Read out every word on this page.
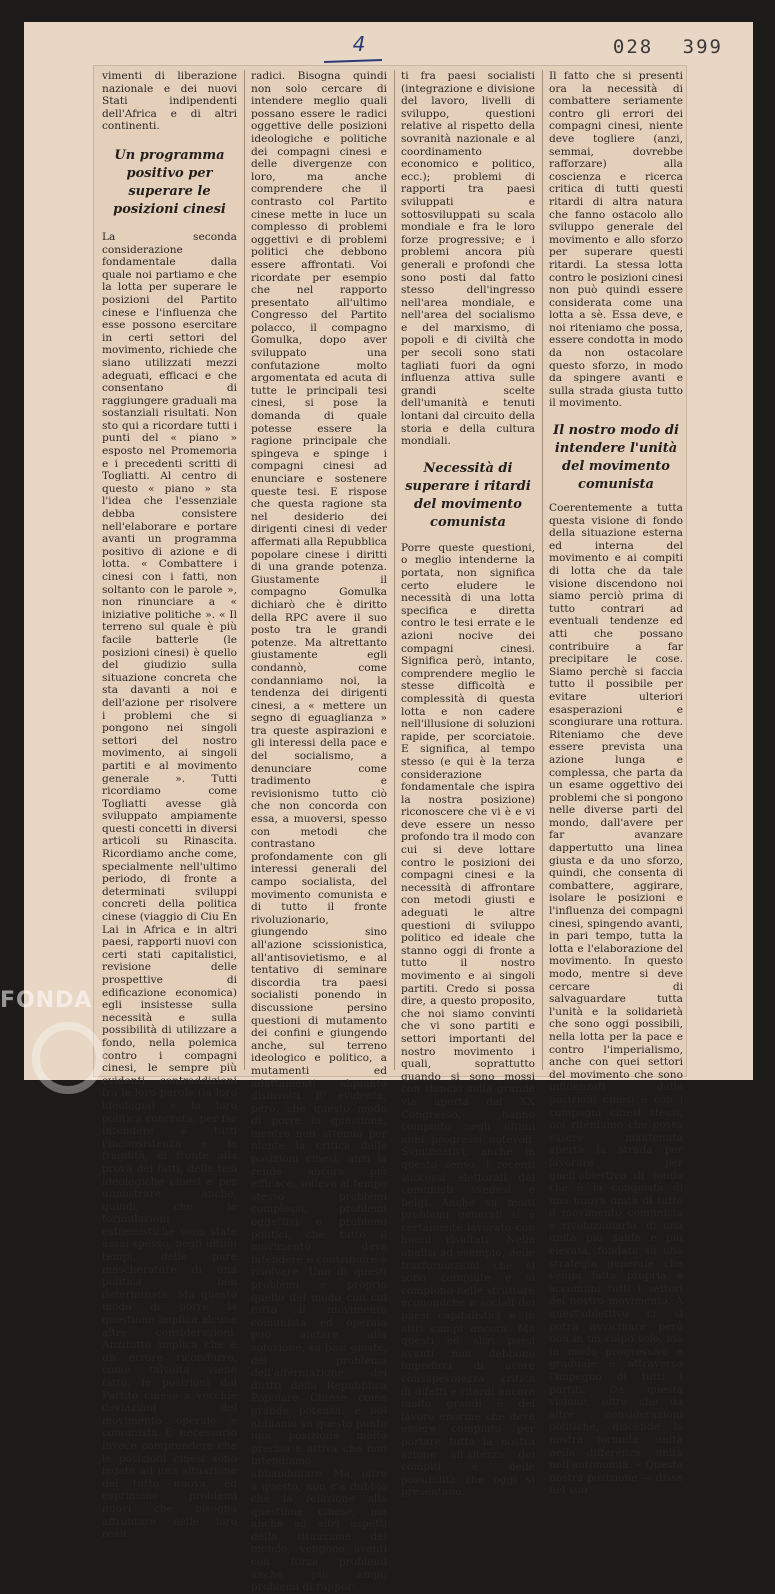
4	028 399

vimenti di liberazione nazionale e dei nuovi Stati indipendenti dell'Africa e di altri continenti.

Un programma positivo per superare le posizioni cinesi

La seconda considerazione fondamentale dalla quale noi partiamo e che la lotta per superare le posizioni del Partito cinese e l'influenza che esse possono esercitare in certi settori del movimento, richiede che siano utilizzati mezzi adeguati, efficaci e che consentano di raggiungere graduali ma sostanziali risultati. Non sto qui a ricordare tutti i punti del « piano » esposto nel Promemoria e i precedenti scritti di Togliatti. Al centro di questo « piano » sta l'idea che l'essenziale debba consistere nell'elaborare e portare avanti un programma positivo di azione e di lotta. « Combattere i cinesi con i fatti, non soltanto con le parole », non rinunciare a « iniziative politiche ». « Il terreno sul quale è più facile batterle (le posizioni cinesi) è quello del giudizio sulla situazione concreta che sta davanti a noi e dell'azione per risolvere i problemi che si pongono nei singoli settori del nostro movimento, ai singoli partiti e al movimento generale ». Tutti ricordiamo come Togliatti avesse già sviluppato ampiamente questi concetti in diversi articoli su Rinascita. Ricordiamo anche come, specialmente nell'ultimo periodo, di fronte a determinati sviluppi concreti della politica cinese (viaggio di Ciu En Lai in Africa e in altri paesi, rapporti nuovi con certi stati capitalistici, revisione delle prospettive di edificazione economica) egli insistesse sulla necessità e sulla possibilità di utilizzare a fondo, nella polemica contro i compagni cinesi, le sempre più evidenti contraddizioni fra le loro parole (la loro ideologia) e la loro politica concreta, per far intendere a tutti l'inconsistenza e la fragilità, di fronte alla prova dei fatti, delle tesi ideologiche cinesi e per dimostrare anche, quindi, che le formulazioni estremistiche sono state assai spesso, negli ultimi tempi, delle pure mascherature di una politica ben determinata. Ma questo modo di porre la questione implica alcune altre considerazioni. Anzitutto implica che è un errore ricondurre, come talvolta viene fatto, le posizioni del Partito cinese a vecchie deviazioni del movimento operaio e comunista. E' necessario invece comprendere che le posizioni cinesi sono legate ad una situazione del tutto nuova, ed esprimono problemi nuovi che bisogna affrontare nelle loro reali

radici. Bisogna quindi non solo cercare di intendere meglio quali possano essere le radici oggettive delle posizioni ideologiche e politiche dei compagni cinesi e delle divergenze con loro, ma anche comprendere che il contrasto col Partito cinese mette in luce un complesso di problemi oggettivi e di problemi politici che debbono essere affrontati. Voi ricordate per esempio che nel rapporto presentato all'ultimo Congresso del Partito polacco, il compagno Gomulka, dopo aver sviluppato una confutazione molto argomentata ed acuta di tutte le principali tesi cinesi, si pose la domanda di quale potesse essere la ragione principale che spingeva e spinge i compagni cinesi ad enunciare e sostenere queste tesi. E rispose che questa ragione sta nel desiderio dei dirigenti cinesi di veder affermati alla Repubblica popolare cinese i diritti di una grande potenza. Giustamente il compagno Gomulka dichiarò che è diritto della RPC avere il suo posto tra le grandi potenze. Ma altrettanto giustamente egli condannò, come condanniamo noi, la tendenza dei dirigenti cinesi, a « mettere un segno di eguaglianza » tra queste aspirazioni e gli interessi della pace e del socialismo, a denunciare come tradimento e revisionismo tutto ciò che non concorda con essa, a muoversi, spesso con metodi che contrastano profondamente con gli interessi generali del campo socialista, del movimento comunista e di tutto il fronte rivoluzionario, giungendo sino all'azione scissionistica, all'antisovietismo, e al tentativo di seminare discordia tra paesi socialisti ponendo in discussione persino questioni di mutamento dei confini e giungendo anche, sul terreno ideologico e politico, a mutamenti ed adattamenti alquanto disinvolti. E' evidente, però, che questo modo di porre la questione, mentre non attenua per niente la critica delle posizioni cinesi, anzi la rende ancora più efficace, solleva al tempo stesso problemi complessi, problemi oggettivi e problemi politici, che tutto il movimento deve intendere e contribuire a risolvere. Uno di questi problemi è proprio quello del modo con cui tutto il movimento comunista ed operaio può aiutare alla soluzione, su basi giuste, del problema dell'affermazione dei diritti della Repubblica Popolare Cinese come grande potenza: e noi abbiamo su questo punto una posizione molto precisa e attiva che non intendiamo abbandonare. Ma, oltre a questo, non c'è dubbio che la relazione alla questione cinese, ma anche ad altri aspetti della situazione del mondo, vengono avanti con forza problemi anche più ampi; problemi di rappor-

ti fra paesi socialisti (integrazione e divisione del lavoro, livelli di sviluppo, questioni relative al rispetto della sovranità nazionale e al coordinamento economico e politico, ecc.); problemi di rapporti tra paesi sviluppati e sottosviluppati su scala mondiale e fra le loro forze progressive; e i problemi ancora più generali e profondi che sono posti dal fatto stesso dell'ingresso nell'area mondiale, e nell'area del socialismo e del marxismo, di popoli e di civiltà che per secoli sono stati tagliati fuori da ogni influenza attiva sulle grandi scelte dell'umanità e tenuti lontani dal circuito della storia e della cultura mondiali.

Necessità di superare i ritardi del movimento comunista

Porre queste questioni, o meglio intenderne la portata, non significa certo eludere le necessità di una lotta specifica e diretta contro le tesi errate e le azioni nocive dei compagni cinesi. Significa però, intanto, comprendere meglio le stesse difficoltà e complessità di questa lotta e non cadere nell'illusione di soluzioni rapide, per scorciatoie. E significa, al tempo stesso (e qui è la terza considerazione fondamentale che ispira la nostra posizione) riconoscere che vi è e vi deve essere un nesso profondo tra il modo con cui si deve lottare contro le posizioni dei compagni cinesi e la necessità di affrontare con metodi giusti e adeguati le altre questioni di sviluppo politico ed ideale che stanno oggi di fronte a tutto il nostro movimento e ai singoli partiti. Credo si possa dire, a questo proposito, che noi siamo convinti che vi sono partiti e settori importanti del nostro movimento i quali, soprattutto quando si sono mossi con slancio sulla grande via aperta dal XX Congresso, hanno compiuto negli ultimi anni progressi notevoli. Significativi, anche in questo senso, i recenti successi elettorali dei comunisti svedesi e belgi. Anche su molti problemi generali si è certamente lavorato con buoni risultati. Nella analisi ad esempio, delle trasformazioni che si sono compiute e si compiono nelle strutture economiche e sociali dei paesi capitalistici e in altri campi ancora. Ma questi ed altri passi avanti non debbono impedirci di avere consapevolezza critica di difetti e ritardi ancora molto grandi e del lavoro enorme che deve essere compiuto per portare tutta la nostra azione all'altezza dei compiti e delle possibilità che oggi si presentano.

Il fatto che si presenti ora la necessità di combattere seriamente contro gli errori dei compagni cinesi, niente deve togliere (anzi, semmai, dovrebbe rafforzare) alla coscienza e ricerca critica di tutti questi ritardi di altra natura che fanno ostacolo allo sviluppo generale del movimento e allo sforzo per superare questi ritardi. La stessa lotta contro le posizioni cinesi non può quindi essere considerata come una lotta a sè. Essa deve, e noi riteniamo che possa, essere condotta in modo da non ostacolare questo sforzo, in modo da spingere avanti e sulla strada giusta tutto il movimento.

Il nostro modo di intendere l'unità del movimento comunista

Coerentemente a tutta questa visione di fondo della situazione esterna ed interna del movimento e ai compiti di lotta che da tale visione discendono noi siamo perciò prima di tutto contrari ad eventuali tendenze ed atti che possano contribuire a far precipitare le cose. Siamo perchè si faccia tutto il possibile per evitare ulteriori esasperazioni e scongiurare una rottura. Riteniamo che deve essere prevista una azione lunga e complessa, che parta da un esame oggettivo dei problemi che si pongono nelle diverse parti del mondo, dall'avere per far avanzare dappertutto una linea giusta e da uno sforzo, quindi, che consenta di combattere, aggirare, isolare le posizioni e l'influenza dei compagni cinesi, spingendo avanti, in pari tempo, tutta la lotta e l'elaborazione del movimento. In questo modo, mentre si deve cercare di salvaguardare tutta l'unità e la solidarietà che sono oggi possibili, nella lotta per la pace e contro l'imperialismo, anche con quei settori del movimento che sono influenzati dalle posizioni cinesi e con i compagni cinesi stessi, noi riteniamo che possa essere mantenuta aperta la strada per lavorare per quell'obiettivo di fondo che è la conquista di una nuova unità di tutto il movimento comunista e rivoluzionario, di una unità più salda e più elevata, fondata su una strategia generale che venga fatta propria e accomuni tutti i settori del nostro movimento. A quest'obiettivo ci si potrà avvicinare però non in un colpo solo, ma in modo progressivo e graduale e attraverso l'impegno di tutti i partiti. Da questa visione, oltre che da altre considerazioni politiche, discende la nostra formula: unità nella differenza, unità nell'autonomia. « Questa nostra posizione — disse nel suo

FONDA
